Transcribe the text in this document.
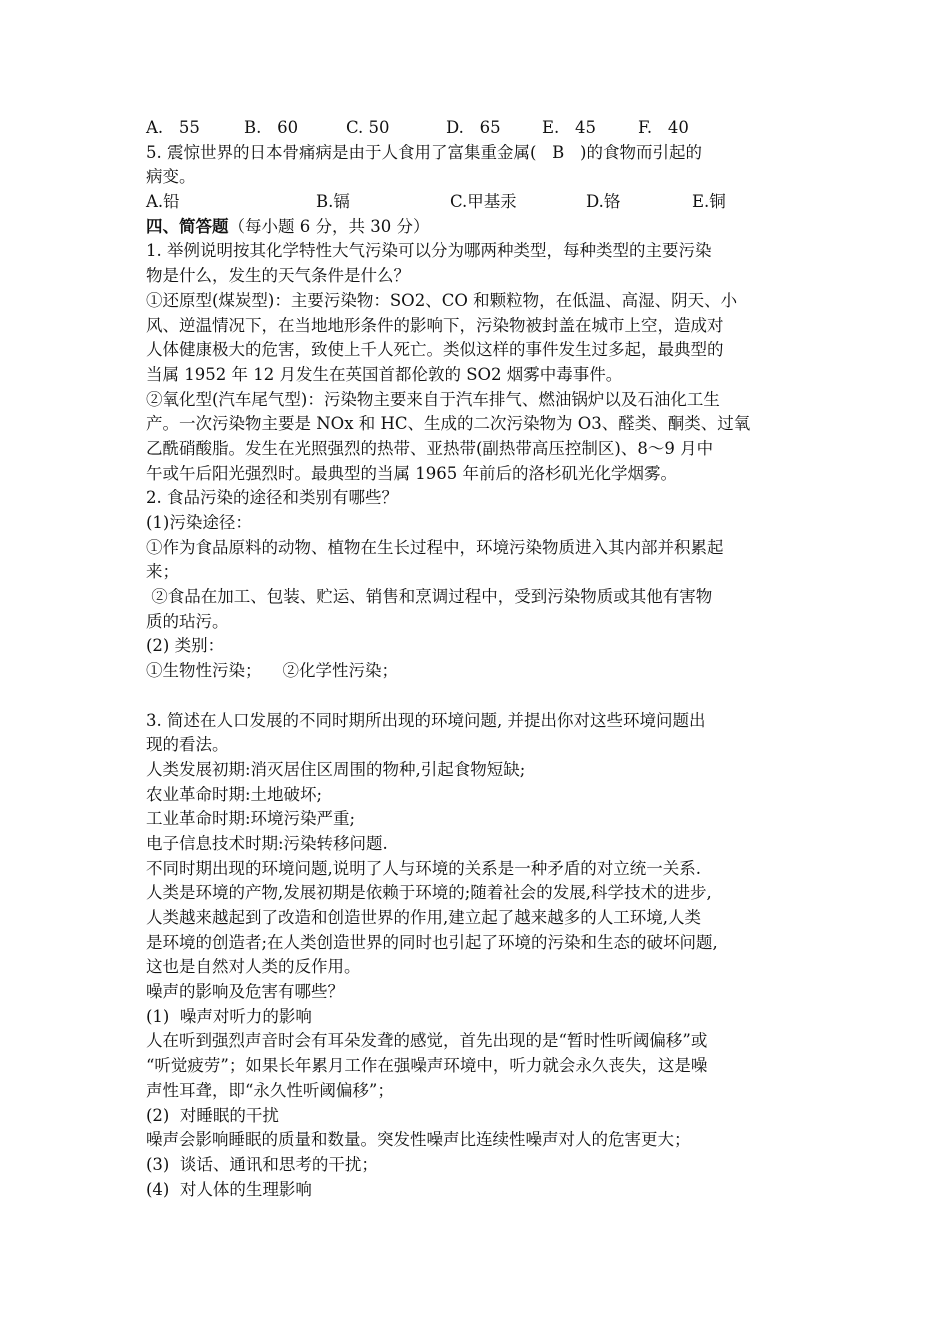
A.   55	B.   60	C. 50	D.   65	E.   45	F.   40
5. 震惊世界的日本骨痛病是由于人食用了富集重金属(   B   )的食物而引起的
病变。
A.铅	B.镉	C.甲基汞	D.铬	E.铜
四、简答题（每小题 6 分，共 30 分）
1. 举例说明按其化学特性大气污染可以分为哪两种类型，每种类型的主要污染
物是什么，发生的天气条件是什么？
①还原型(煤炭型)：主要污染物：SO2、CO 和颗粒物，在低温、高湿、阴天、小
风、逆温情况下，在当地地形条件的影响下，污染物被封盖在城市上空，造成对
人体健康极大的危害，致使上千人死亡。类似这样的事件发生过多起，最典型的
当属 1952 年 12 月发生在英国首都伦敦的 SO2 烟雾中毒事件。
②氧化型(汽车尾气型)：污染物主要来自于汽车排气、燃油锅炉以及石油化工生
产。一次污染物主要是 NOx 和 HC、生成的二次污染物为 O3、醛类、酮类、过氧
乙酰硝酸脂。发生在光照强烈的热带、亚热带(副热带高压控制区)、8～9 月中
午或午后阳光强烈时。最典型的当属 1965 年前后的洛杉矶光化学烟雾。
2. 食品污染的途径和类别有哪些？
(1)污染途径：
①作为食品原料的动物、植物在生长过程中，环境污染物质进入其内部并积累起
来；
②食品在加工、包装、贮运、销售和烹调过程中，受到污染物质或其他有害物
质的玷污。
(2) 类别：
①生物性污染；    ②化学性污染；
3. 简述在人口发展的不同时期所出现的环境问题, 并提出你对这些环境问题出
现的看法。
人类发展初期:消灭居住区周围的物种,引起食物短缺;
农业革命时期:土地破坏;
工业革命时期:环境污染严重;
电子信息技术时期:污染转移问题.
不同时期出现的环境问题,说明了人与环境的关系是一种矛盾的对立统一关系.
人类是环境的产物,发展初期是依赖于环境的;随着社会的发展,科学技术的进步,
人类越来越起到了改造和创造世界的作用,建立起了越来越多的人工环境,人类
是环境的创造者;在人类创造世界的同时也引起了环境的污染和生态的破坏问题,
这也是自然对人类的反作用。
噪声的影响及危害有哪些？
(1)  噪声对听力的影响
人在听到强烈声音时会有耳朵发聋的感觉，首先出现的是“暂时性听阈偏移”或
“听觉疲劳”；如果长年累月工作在强噪声环境中，听力就会永久丧失，这是噪
声性耳聋，即“永久性听阈偏移”；
(2)  对睡眠的干扰
噪声会影响睡眠的质量和数量。突发性噪声比连续性噪声对人的危害更大；
(3)  谈话、通讯和思考的干扰；
(4)  对人体的生理影响
